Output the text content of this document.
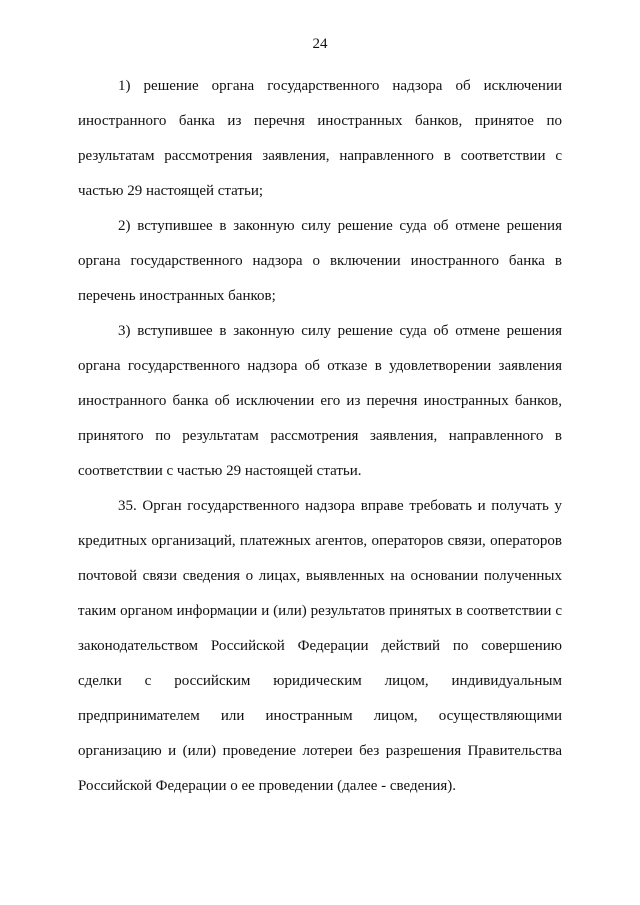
24

1) решение органа государственного надзора об исключении иностранного банка из перечня иностранных банков, принятое по результатам рассмотрения заявления, направленного в соответствии с частью 29 настоящей статьи;

2) вступившее в законную силу решение суда об отмене решения органа государственного надзора о включении иностранного банка в перечень иностранных банков;

3) вступившее в законную силу решение суда об отмене решения органа государственного надзора об отказе в удовлетворении заявления иностранного банка об исключении его из перечня иностранных банков, принятого по результатам рассмотрения заявления, направленного в соответствии с частью 29 настоящей статьи.

35. Орган государственного надзора вправе требовать и получать у кредитных организаций, платежных агентов, операторов связи, операторов почтовой связи сведения о лицах, выявленных на основании полученных таким органом информации и (или) результатов принятых в соответствии с законодательством Российской Федерации действий по совершению сделки с российским юридическим лицом, индивидуальным предпринимателем или иностранным лицом, осуществляющими организацию и (или) проведение лотереи без разрешения Правительства Российской Федерации о ее проведении (далее - сведения).
